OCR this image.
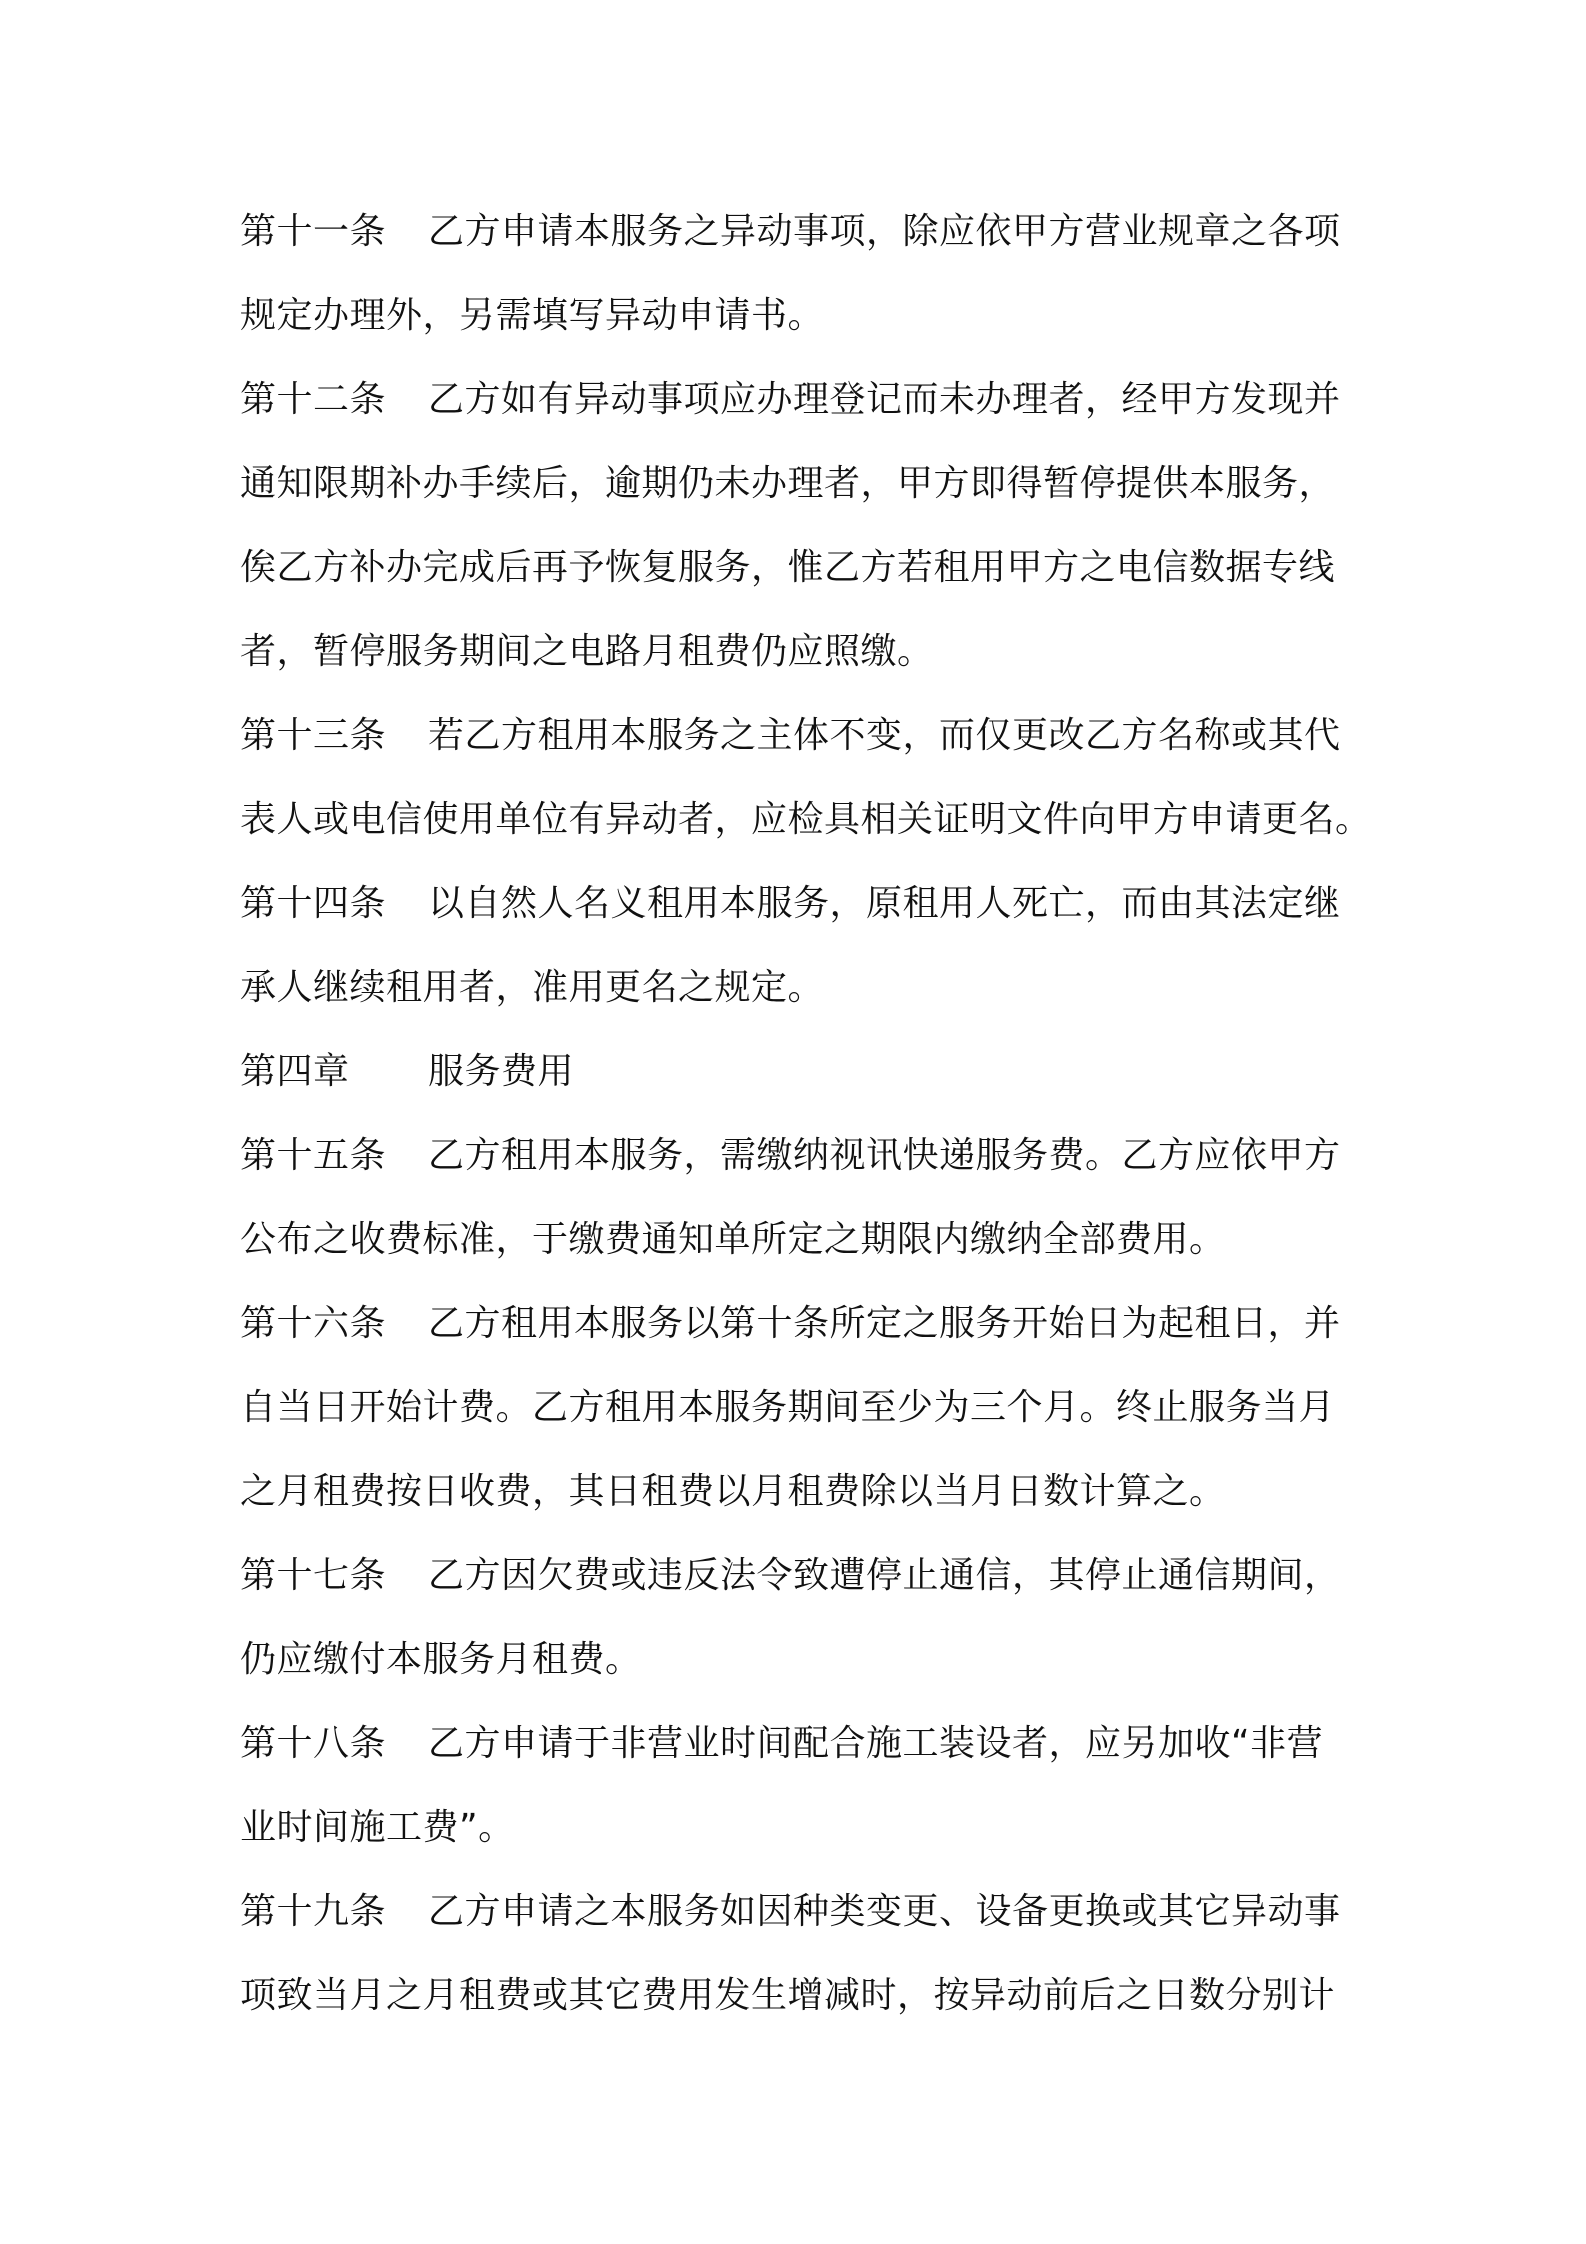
第十一条 乙方申请本服务之异动事项，除应依甲方营业规章之各项
规定办理外，另需填写异动申请书。
第十二条 乙方如有异动事项应办理登记而未办理者，经甲方发现并
通知限期补办手续后，逾期仍未办理者，甲方即得暂停提供本服务，
俟乙方补办完成后再予恢复服务，惟乙方若租用甲方之电信数据专线
者，暂停服务期间之电路月租费仍应照缴。
第十三条 若乙方租用本服务之主体不变，而仅更改乙方名称或其代
表人或电信使用单位有异动者，应检具相关证明文件向甲方申请更名。
第十四条 以自然人名义租用本服务，原租用人死亡，而由其法定继
承人继续租用者，准用更名之规定。
第四章 服务费用
第十五条 乙方租用本服务，需缴纳视讯快递服务费。乙方应依甲方
公布之收费标准，于缴费通知单所定之期限内缴纳全部费用。
第十六条 乙方租用本服务以第十条所定之服务开始日为起租日，并
自当日开始计费。乙方租用本服务期间至少为三个月。终止服务当月
之月租费按日收费，其日租费以月租费除以当月日数计算之。
第十七条 乙方因欠费或违反法令致遭停止通信，其停止通信期间，
仍应缴付本服务月租费。
第十八条 乙方申请于非营业时间配合施工装设者，应另加收“非营
业时间施工费”。
第十九条 乙方申请之本服务如因种类变更、设备更换或其它异动事
项致当月之月租费或其它费用发生增减时，按异动前后之日数分别计
